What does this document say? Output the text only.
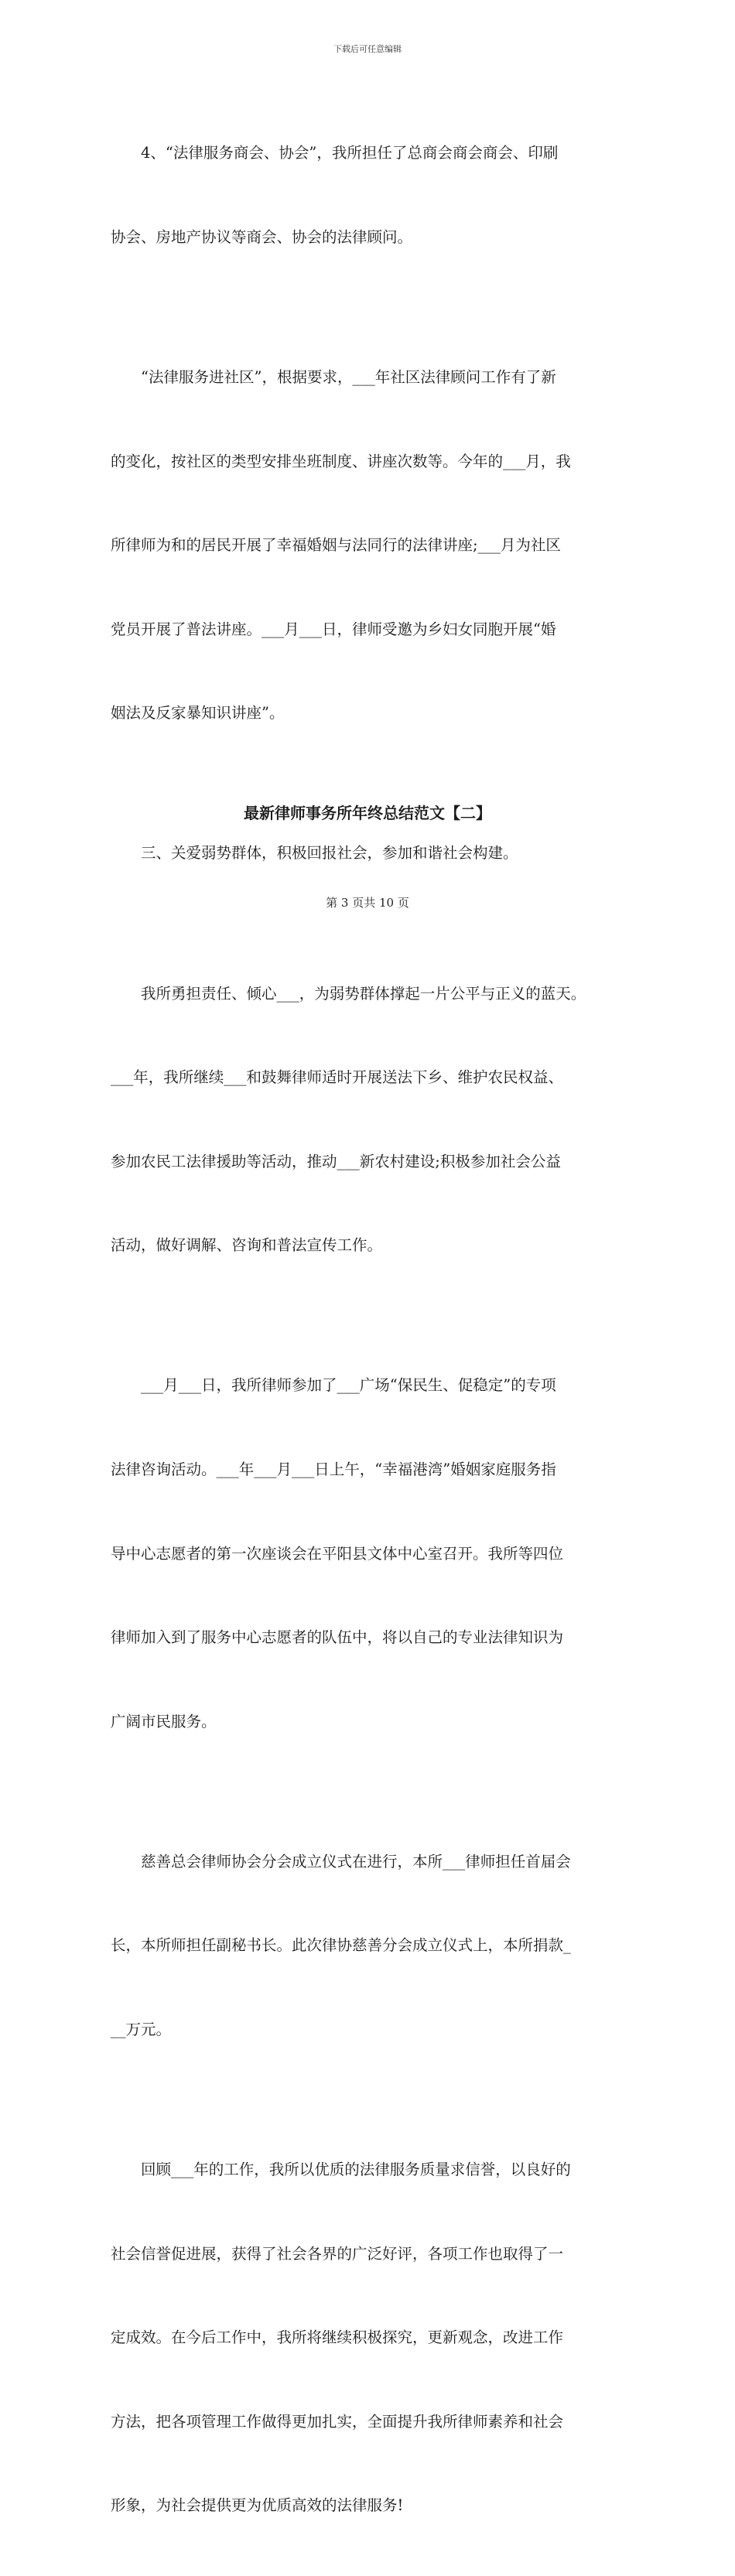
下载后可任意编辑

4、“法律服务商会、协会”，我所担任了总商会商会商会、印刷

协会、房地产协议等商会、协会的法律顾问。

“法律服务进社区”，根据要求，___年社区法律顾问工作有了新

的变化，按社区的类型安排坐班制度、讲座次数等。今年的___月，我

所律师为和的居民开展了幸福婚姻与法同行的法律讲座;___月为社区

党员开展了普法讲座。___月___日，律师受邀为乡妇女同胞开展“婚

姻法及反家暴知识讲座”。

三、关爱弱势群体，积极回报社会，参加和谐社会构建。

我所勇担责任、倾心___，为弱势群体撑起一片公平与正义的蓝天。

___年，我所继续___和鼓舞律师适时开展送法下乡、维护农民权益、

参加农民工法律援助等活动，推动___新农村建设;积极参加社会公益

活动，做好调解、咨询和普法宣传工作。

___月___日，我所律师参加了___广场“保民生、促稳定”的专项

法律咨询活动。___年___月___日上午，“幸福港湾”婚姻家庭服务指

导中心志愿者的第一次座谈会在平阳县文体中心室召开。我所等四位

律师加入到了服务中心志愿者的队伍中，将以自己的专业法律知识为

广阔市民服务。

慈善总会律师协会分会成立仪式在进行，本所___律师担任首届会

长，本所师担任副秘书长。此次律协慈善分会成立仪式上，本所捐款_

__万元。

回顾___年的工作，我所以优质的法律服务质量求信誉，以良好的

社会信誉促进展，获得了社会各界的广泛好评，各项工作也取得了一

定成效。在今后工作中，我所将继续积极探究，更新观念，改进工作

方法，把各项管理工作做得更加扎实，全面提升我所律师素养和社会

形象，为社会提供更为优质高效的法律服务!

最新律师事务所年终总结范文【二】
第 3 页共 10 页
